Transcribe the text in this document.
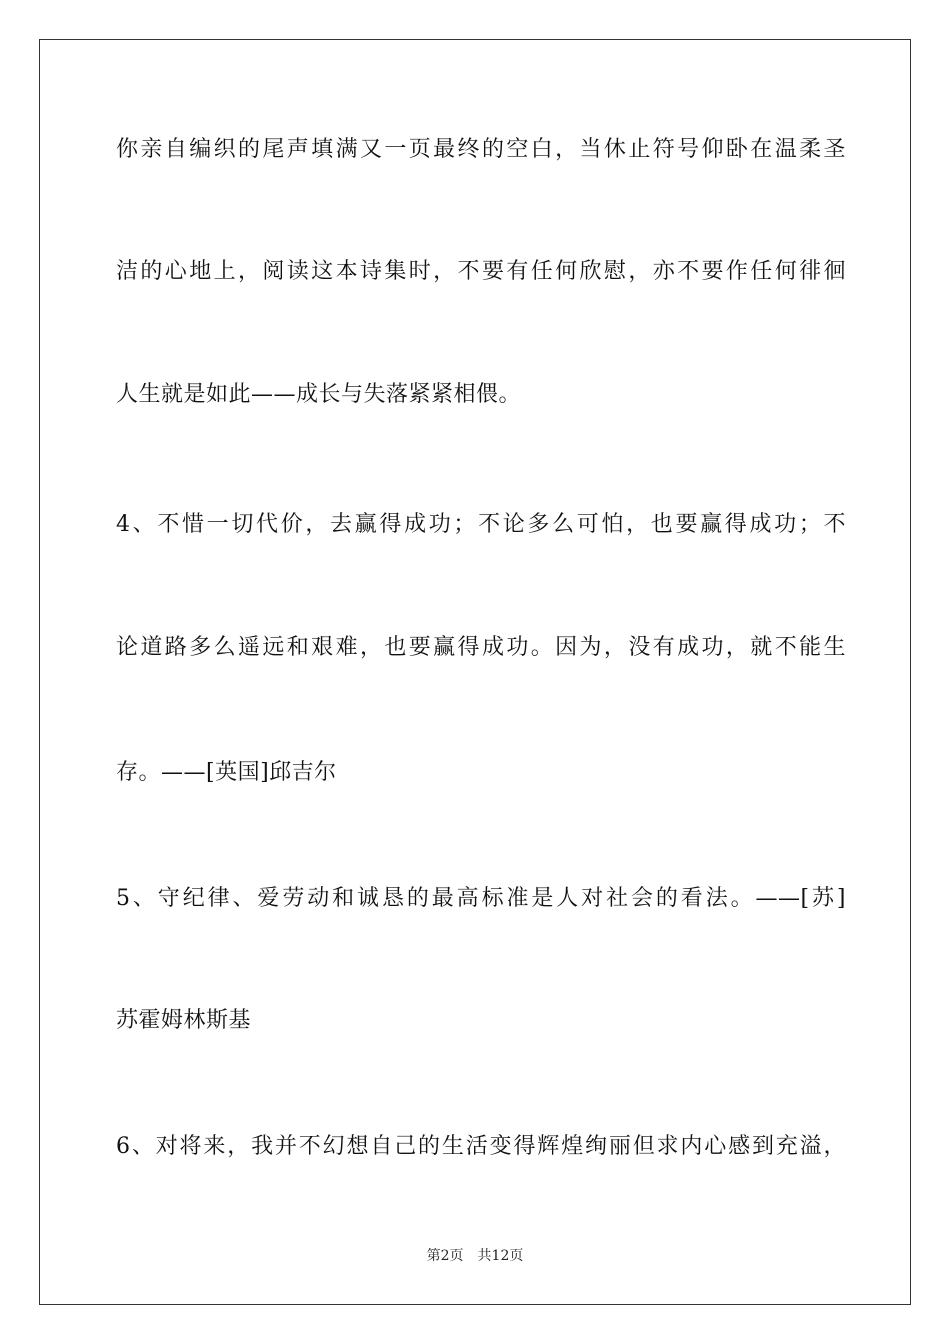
你亲自编织的尾声填满又一页最终的空白，当休止符号仰卧在温柔圣
洁的心地上，阅读这本诗集时，不要有任何欣慰，亦不要作任何徘徊
人生就是如此——成长与失落紧紧相偎。
4、不惜一切代价，去赢得成功；不论多么可怕，也要赢得成功；不
论道路多么遥远和艰难，也要赢得成功。因为，没有成功，就不能生
存。——[英国]邱吉尔
5、守纪律、爱劳动和诚恳的最高标准是人对社会的看法。——[苏]
苏霍姆林斯基
6、对将来，我并不幻想自己的生活变得辉煌绚丽但求内心感到充溢，
第2页 共12页
